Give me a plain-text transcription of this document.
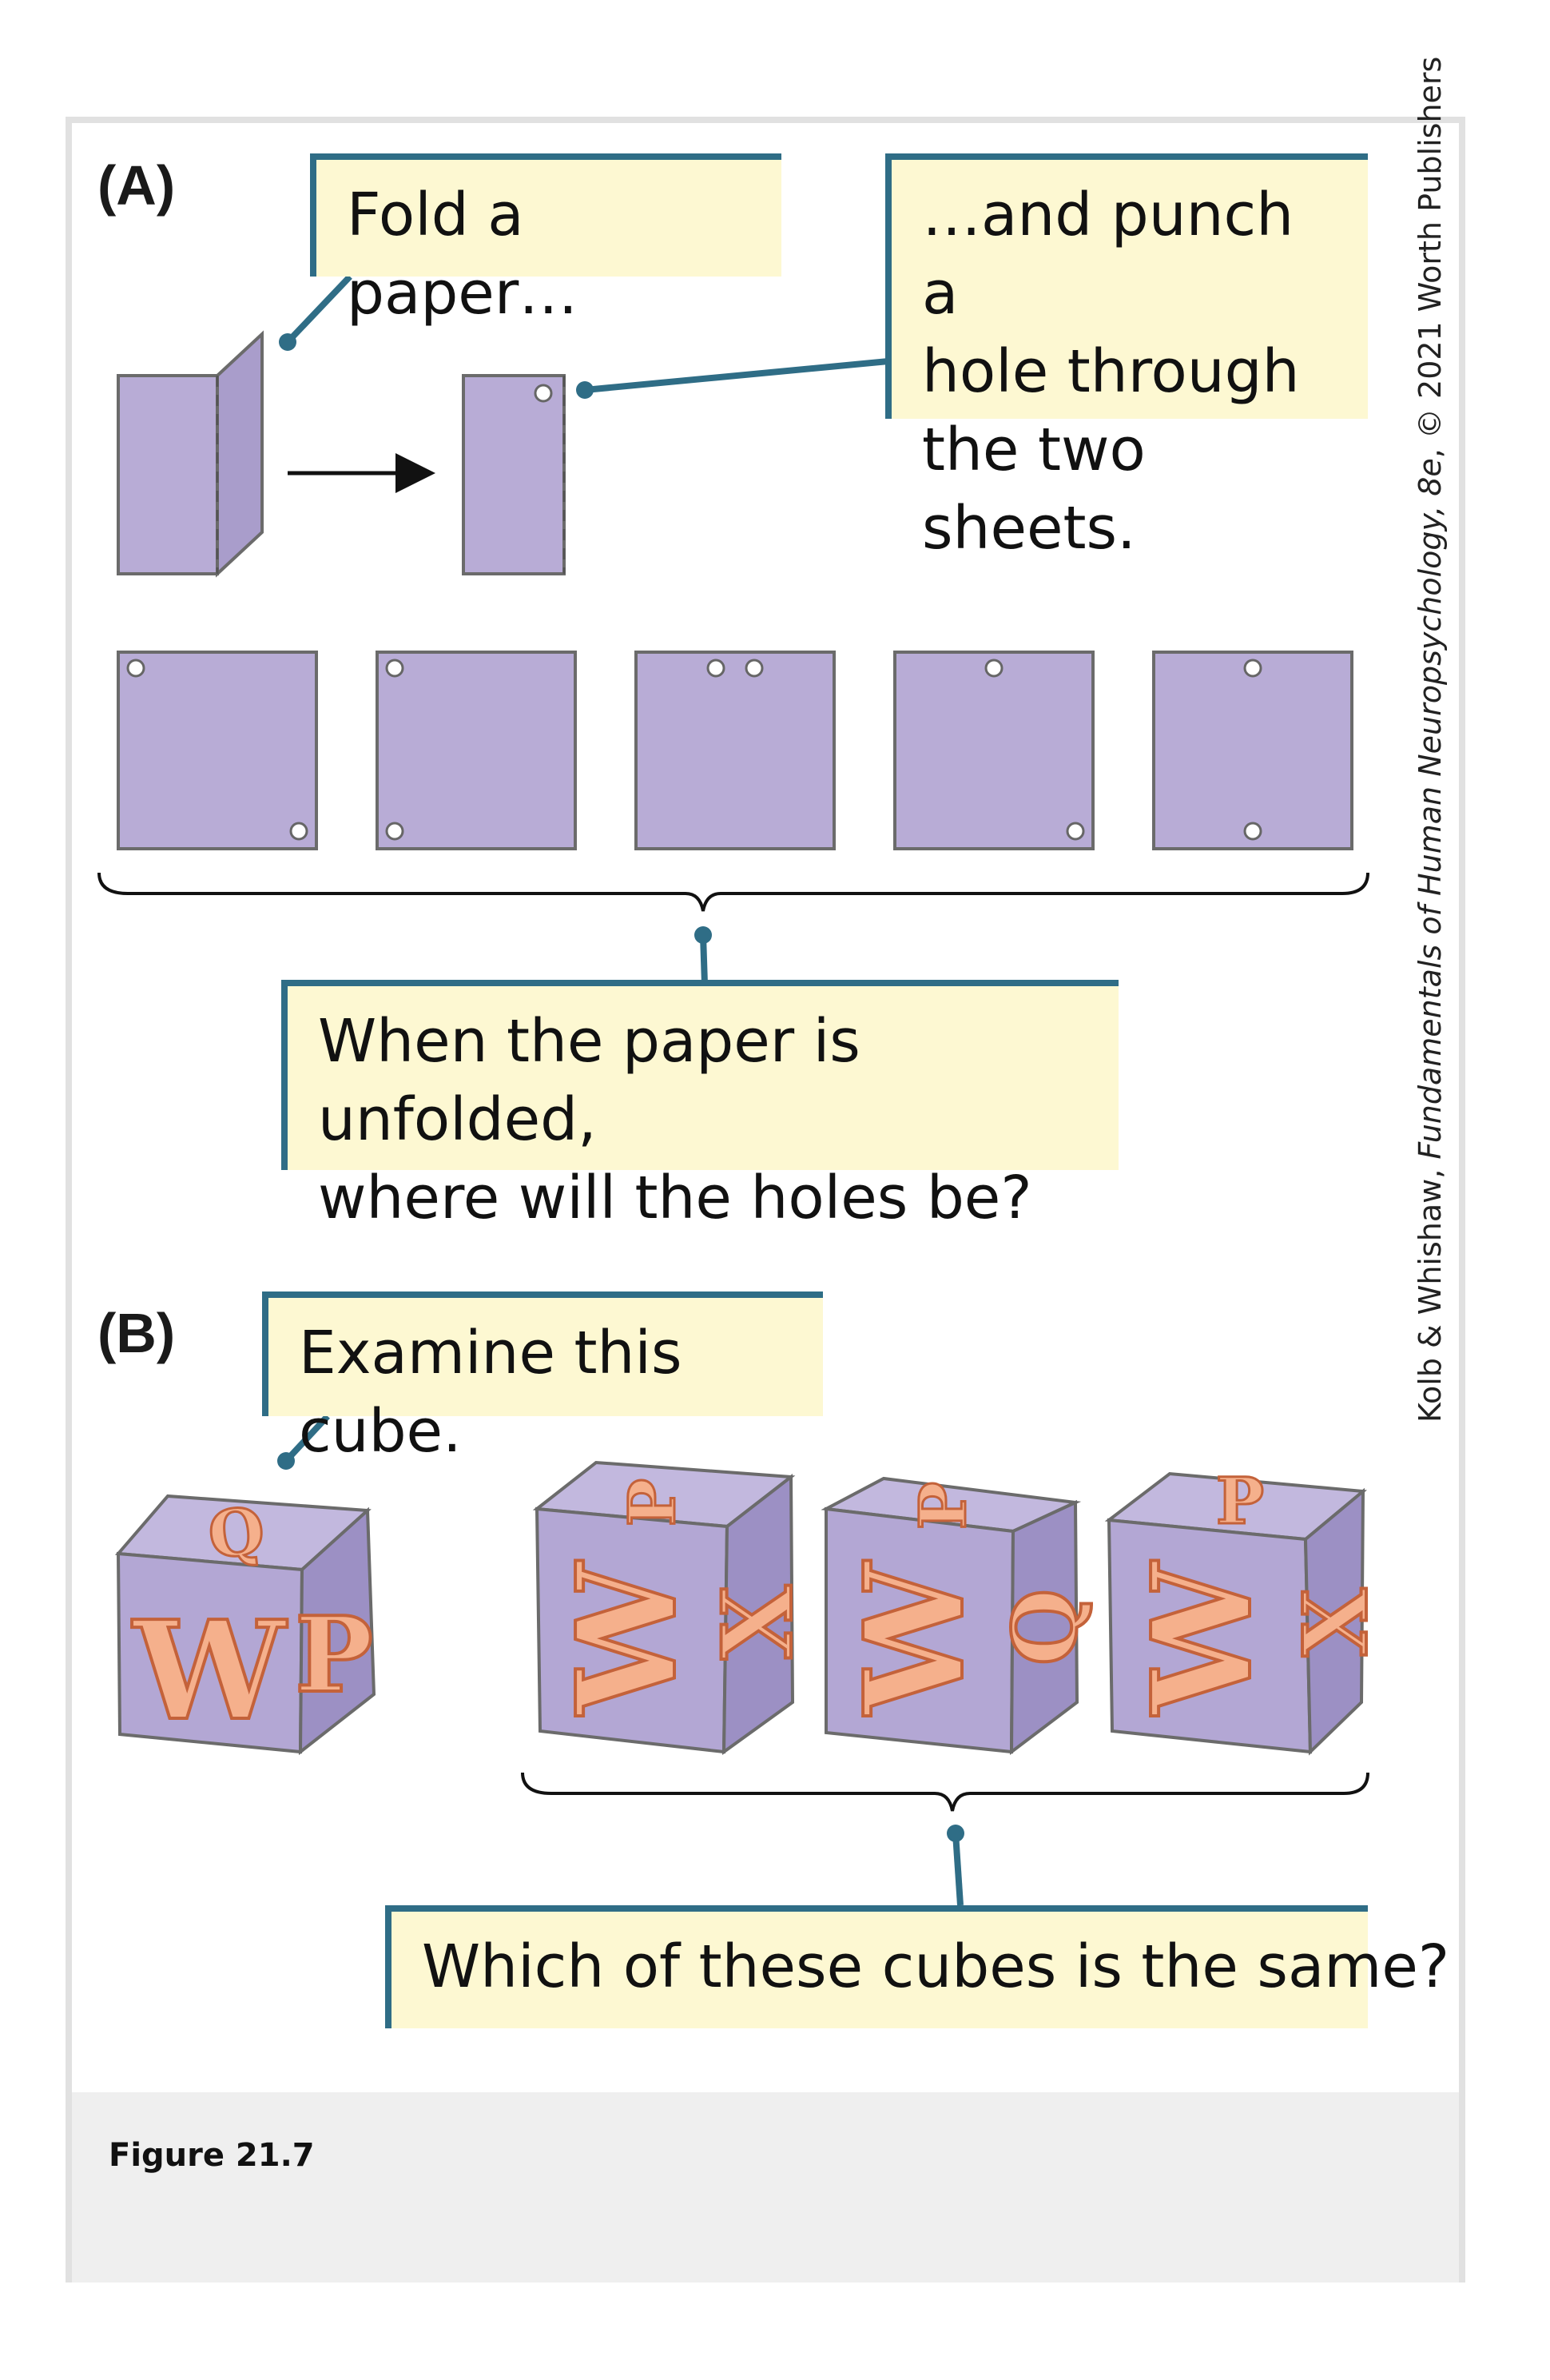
Q
W P
P
W
X
P
W
Q
P
W X
(A)
(B)
Fold a paper…
…and punch a
hole through
the two sheets.
When the paper is unfolded,
where will the holes be?
Examine this cube.
Which of these cubes is the same?
Kolb & Whishaw, Fundamentals of Human Neuropsychology, 8e, © 2021 Worth Publishers
Figure 21.7
